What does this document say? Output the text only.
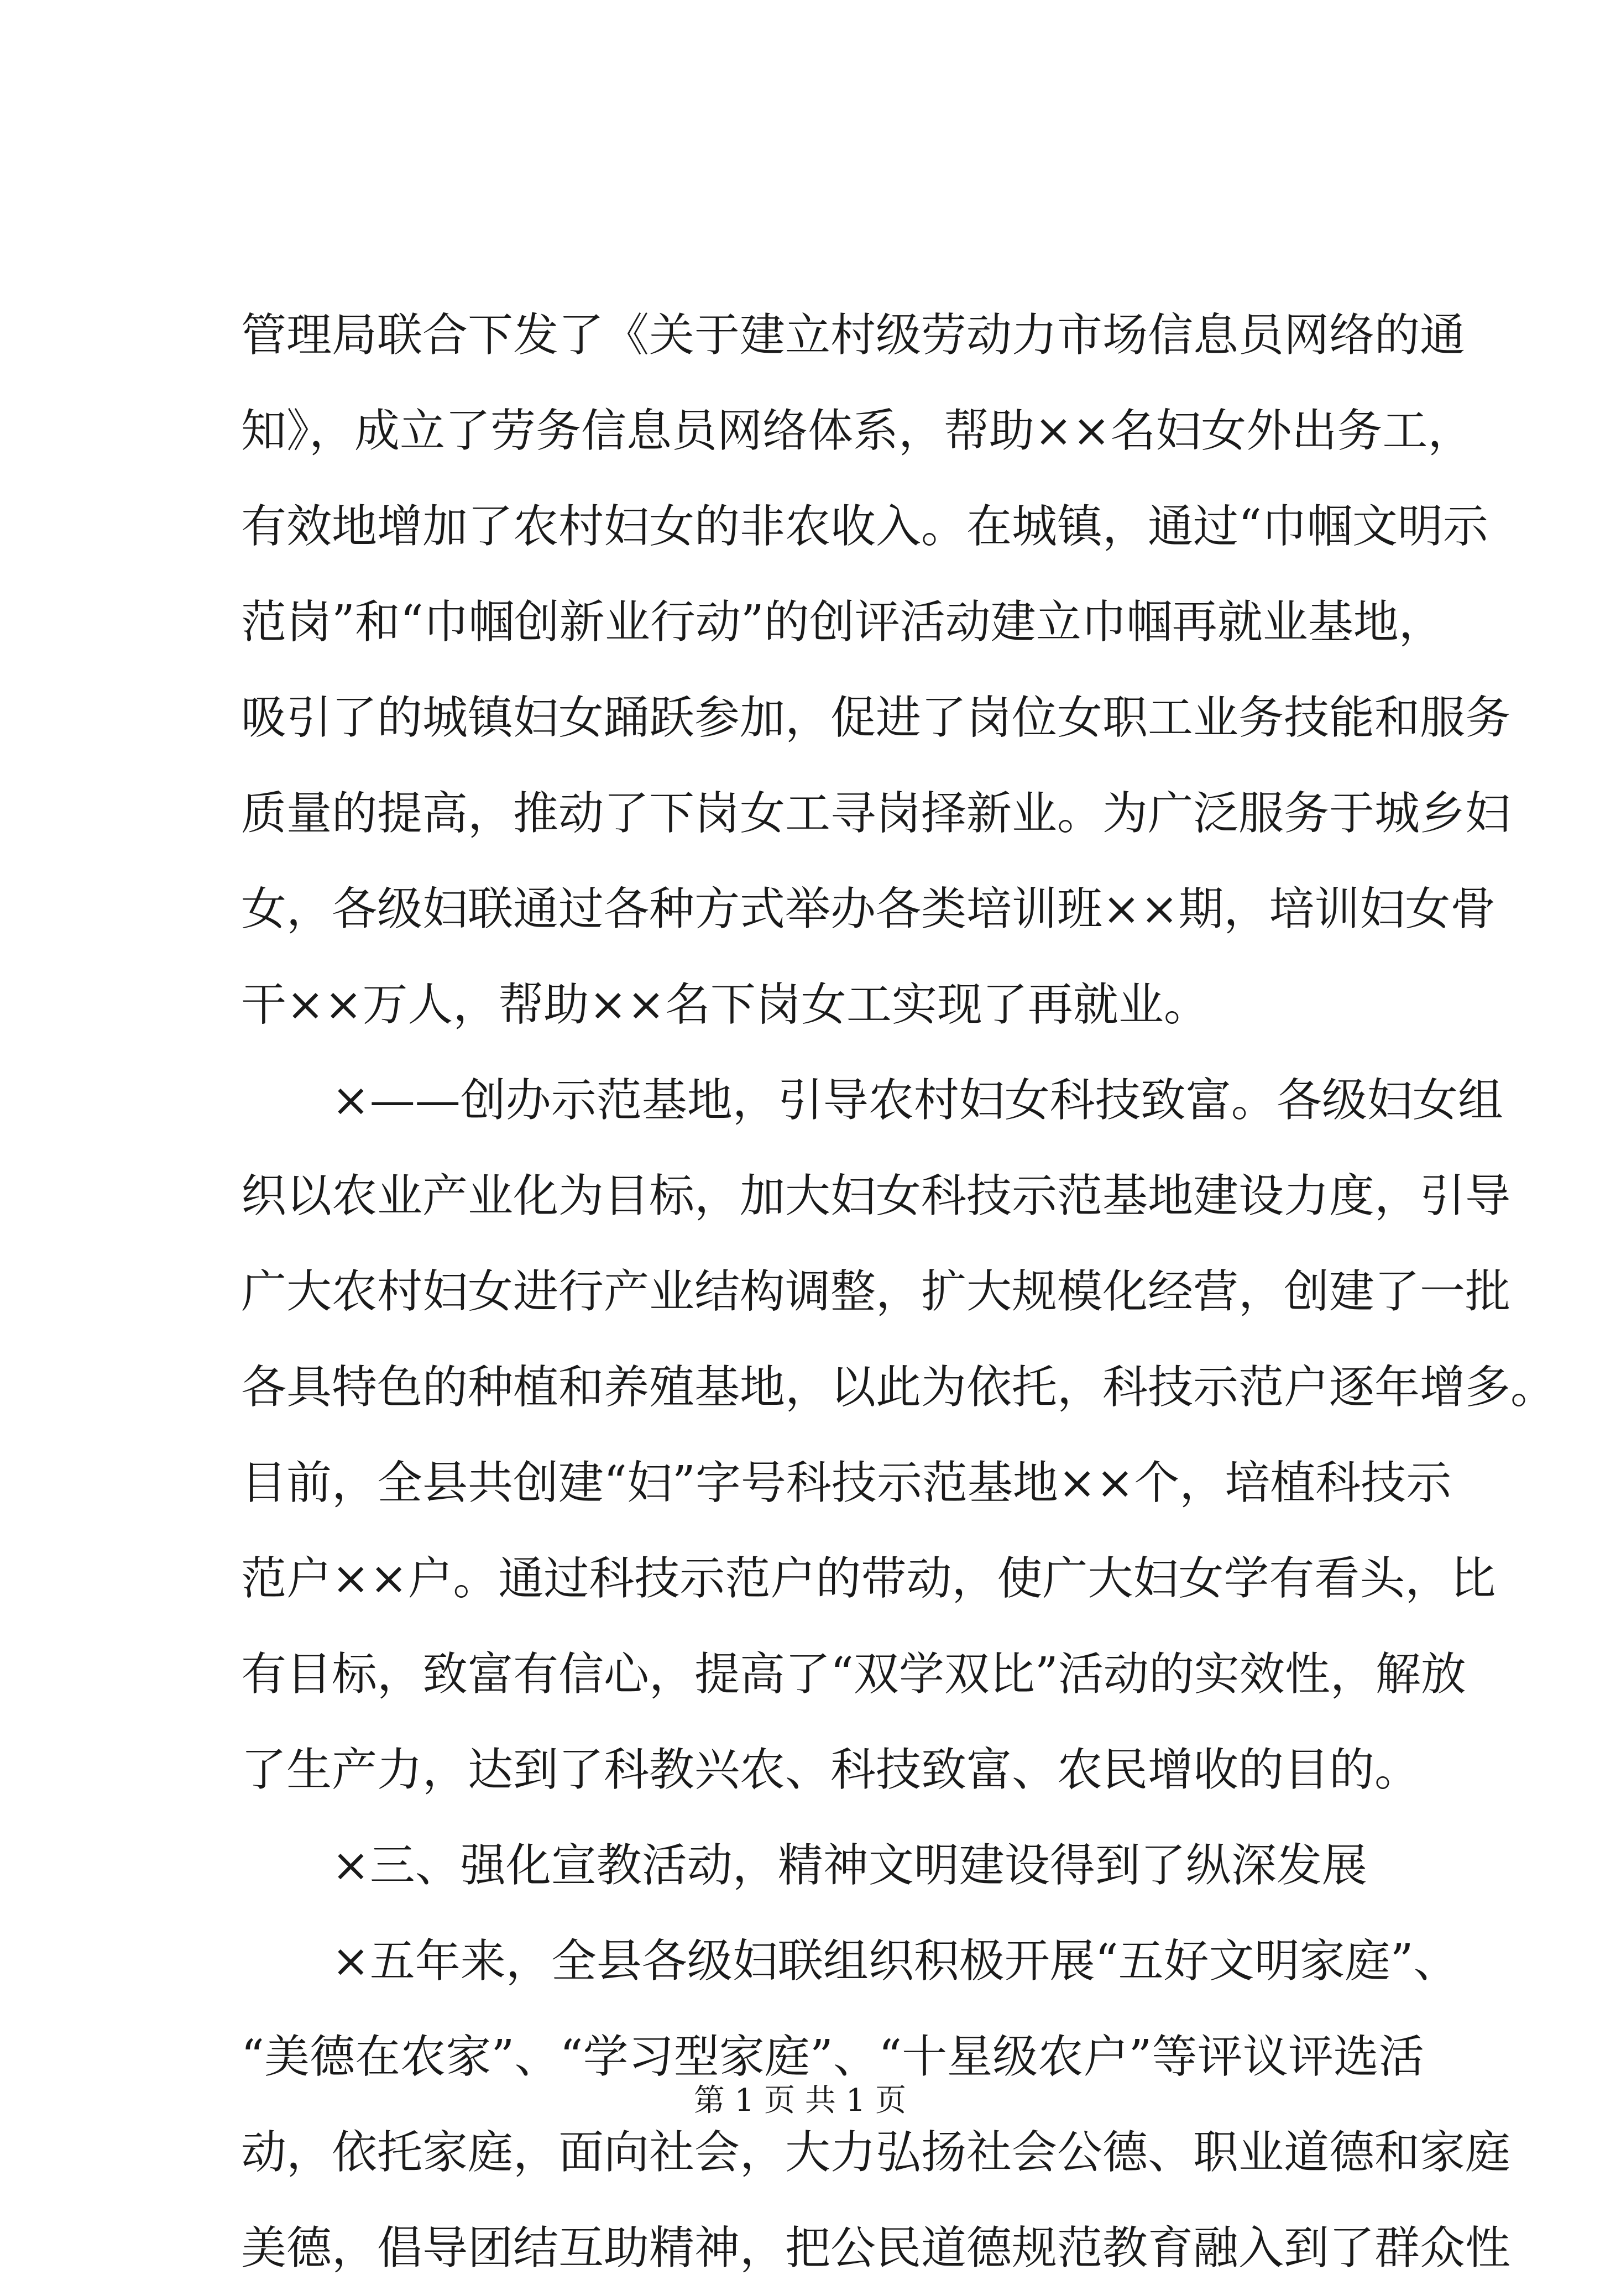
管理局联合下发了《关于建立村级劳动力市场信息员网络的通
知》，成立了劳务信息员网络体系，帮助××名妇女外出务工，
有效地增加了农村妇女的非农收入。在城镇，通过“巾帼文明示
范岗”和“巾帼创新业行动”的创评活动建立巾帼再就业基地，
吸引了的城镇妇女踊跃参加，促进了岗位女职工业务技能和服务
质量的提高，推动了下岗女工寻岗择新业。为广泛服务于城乡妇
女，各级妇联通过各种方式举办各类培训班××期，培训妇女骨
干××万人，帮助××名下岗女工实现了再就业。
×——创办示范基地，引导农村妇女科技致富。各级妇女组
织以农业产业化为目标，加大妇女科技示范基地建设力度，引导
广大农村妇女进行产业结构调整，扩大规模化经营，创建了一批
各具特色的种植和养殖基地，以此为依托，科技示范户逐年增多。
目前，全县共创建“妇”字号科技示范基地××个，培植科技示
范户××户。通过科技示范户的带动，使广大妇女学有看头，比
有目标，致富有信心，提高了“双学双比”活动的实效性，解放
了生产力，达到了科教兴农、科技致富、农民增收的目的。
×三、强化宣教活动，精神文明建设得到了纵深发展
×五年来，全县各级妇联组织积极开展“五好文明家庭”、
“美德在农家”、“学习型家庭”、“十星级农户”等评议评选活
动，依托家庭，面向社会，大力弘扬社会公德、职业道德和家庭
美德，倡导团结互助精神，把公民道德规范教育融入到了群众性
第 1 页 共 1 页
